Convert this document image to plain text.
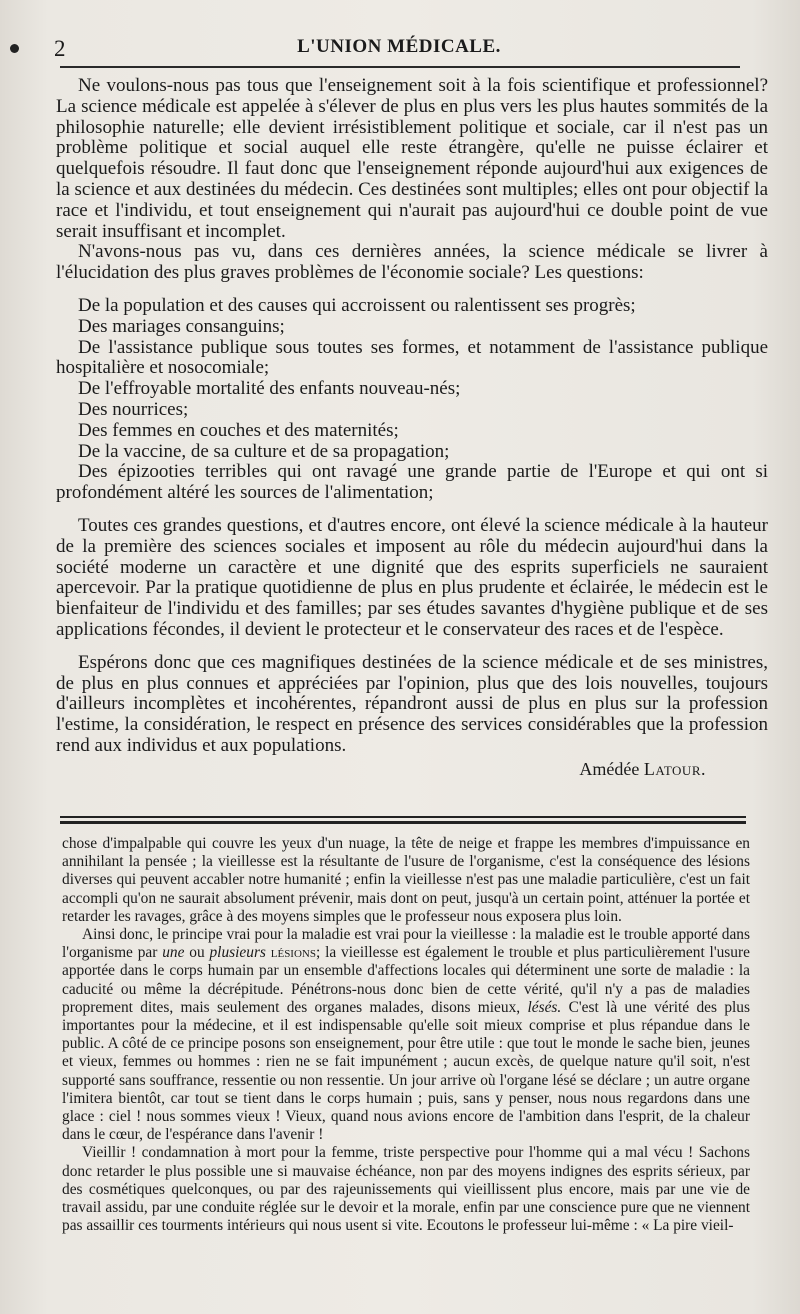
2	L'UNION MÉDICALE.

Ne voulons-nous pas tous que l'enseignement soit à la fois scientifique et professionnel? La science médicale est appelée à s'élever de plus en plus vers les plus hautes sommités de la philosophie naturelle; elle devient irrésistiblement politique et sociale, car il n'est pas un problème politique et social auquel elle reste étrangère, qu'elle ne puisse éclairer et quelquefois résoudre. Il faut donc que l'enseignement réponde aujourd'hui aux exigences de la science et aux destinées du médecin. Ces destinées sont multiples; elles ont pour objectif la race et l'individu, et tout enseignement qui n'aurait pas aujourd'hui ce double point de vue serait insuffisant et incomplet.

N'avons-nous pas vu, dans ces dernières années, la science médicale se livrer à l'élucidation des plus graves problèmes de l'économie sociale? Les questions:

De la population et des causes qui accroissent ou ralentissent ses progrès;
Des mariages consanguins;
De l'assistance publique sous toutes ses formes, et notamment de l'assistance publique hospitalière et nosocomiale;
De l'effroyable mortalité des enfants nouveau-nés;
Des nourrices;
Des femmes en couches et des maternités;
De la vaccine, de sa culture et de sa propagation;
Des épizooties terribles qui ont ravagé une grande partie de l'Europe et qui ont si profondément altéré les sources de l'alimentation;

Toutes ces grandes questions, et d'autres encore, ont élevé la science médicale à la hauteur de la première des sciences sociales et imposent au rôle du médecin aujourd'hui dans la société moderne un caractère et une dignité que des esprits superficiels ne sauraient apercevoir. Par la pratique quotidienne de plus en plus prudente et éclairée, le médecin est le bienfaiteur de l'individu et des familles; par ses études savantes d'hygiène publique et de ses applications fécondes, il devient le protecteur et le conservateur des races et de l'espèce.

Espérons donc que ces magnifiques destinées de la science médicale et de ses ministres, de plus en plus connues et appréciées par l'opinion, plus que des lois nouvelles, toujours d'ailleurs incomplètes et incohérentes, répandront aussi de plus en plus sur la profession l'estime, la considération, le respect en présence des services considérables que la profession rend aux individus et aux populations.

Amédée Latour.

chose d'impalpable qui couvre les yeux d'un nuage, la tête de neige et frappe les membres d'impuissance en annihilant la pensée ; la vieillesse est la résultante de l'usure de l'organisme, c'est la conséquence des lésions diverses qui peuvent accabler notre humanité ; enfin la vieillesse n'est pas une maladie particulière, c'est un fait accompli qu'on ne saurait absolument prévenir, mais dont on peut, jusqu'à un certain point, atténuer la portée et retarder les ravages, grâce à des moyens simples que le professeur nous exposera plus loin.

Ainsi donc, le principe vrai pour la maladie est vrai pour la vieillesse : la maladie est le trouble apporté dans l'organisme par une ou plusieurs lésions; la vieillesse est également le trouble et plus particulièrement l'usure apportée dans le corps humain par un ensemble d'affections locales qui déterminent une sorte de maladie : la caducité ou même la décrépitude. Pénétrons-nous donc bien de cette vérité, qu'il n'y a pas de maladies proprement dites, mais seulement des organes malades, disons mieux, lésés. C'est là une vérité des plus importantes pour la médecine, et il est indispensable qu'elle soit mieux comprise et plus répandue dans le public. A côté de ce principe posons son enseignement, pour être utile : que tout le monde le sache bien, jeunes et vieux, femmes ou hommes : rien ne se fait impunément ; aucun excès, de quelque nature qu'il soit, n'est supporté sans souffrance, ressentie ou non ressentie. Un jour arrive où l'organe lésé se déclare ; un autre organe l'imitera bientôt, car tout se tient dans le corps humain ; puis, sans y penser, nous nous regardons dans une glace : ciel ! nous sommes vieux ! Vieux, quand nous avions encore de l'ambition dans l'esprit, de la chaleur dans le cœur, de l'espérance dans l'avenir !

Vieillir ! condamnation à mort pour la femme, triste perspective pour l'homme qui a mal vécu ! Sachons donc retarder le plus possible une si mauvaise échéance, non par des moyens indignes des esprits sérieux, par des cosmétiques quelconques, ou par des rajeunissements qui vieillissent plus encore, mais par une vie de travail assidu, par une conduite réglée sur le devoir et la morale, enfin par une conscience pure que ne viennent pas assaillir ces tourments intérieurs qui nous usent si vite. Ecoutons le professeur lui-même : « La pire vieil-
